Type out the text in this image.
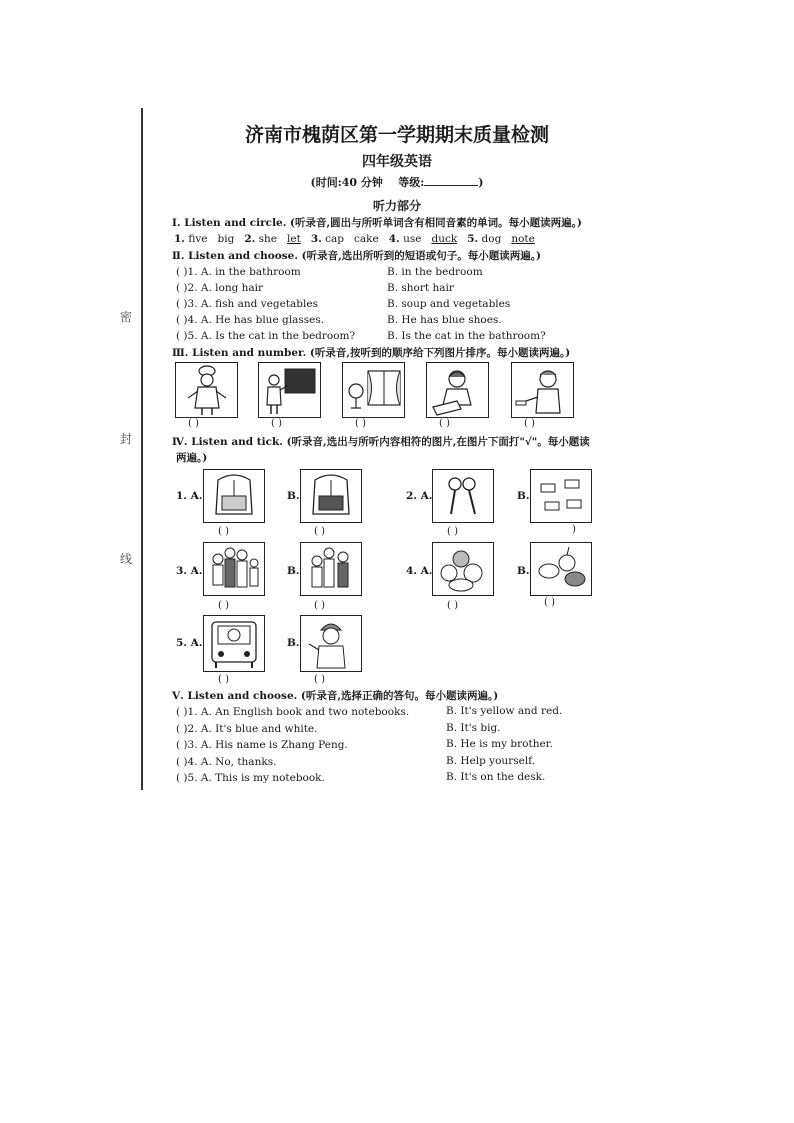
密
封
线
济南市槐荫区第一学期期末质量检测
四年级英语
(时间:40 分钟 等级:	)
听力部分
Ⅰ. Listen and circle. (听录音,圆出与所听单词含有相同音素的单词。每小题读两遍。)
1. five big 2. she let 3. cap cake 4. use duck 5. dog note
Ⅱ. Listen and choose. (听录音,选出所听到的短语或句子。每小题读两遍。)
( )1. A. in the bathroom	B. in the bedroom
( )2. A. long hair	B. short hair
( )3. A. fish and vegetables	B. soup and vegetables
( )4. A. He has blue glasses.	B. He has blue shoes.
( )5. A. Is the cat in the bedroom?	B. Is the cat in the bathroom?
Ⅲ. Listen and number. (听录音,按听到的顺序给下列图片排序。每小题读两遍。)
( )	( )	( )	( )	( )
Ⅳ. Listen and tick. (听录音,选出与所听内容相符的图片,在图片下面打"√"。每小题读
两遍。)
1. A.	B.	2. A.	B.
( )	( )	( )	)
3. A.	B.	4. A.	B.
( )	( )	( )	( )
5. A.	B.
( )	( )
Ⅴ. Listen and choose. (听录音,选择正确的答句。每小题读两遍。)
( )1. A. An English book and two notebooks.	B. It's yellow and red.
( )2. A. It's blue and white.	B. It's big.
( )3. A. His name is Zhang Peng.	B. He is my brother.
( )4. A. No, thanks.	B. Help yourself.
( )5. A. This is my notebook.	B. It's on the desk.
